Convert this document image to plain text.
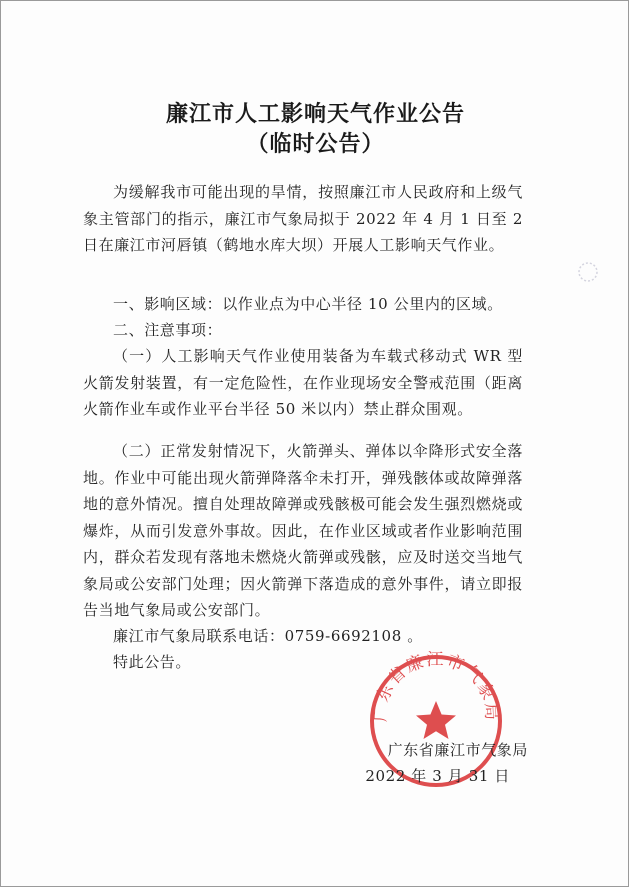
廉江市人工影响天气作业公告
（临时公告）

为缓解我市可能出现的旱情，按照廉江市人民政府和上级气象主管部门的指示，廉江市气象局拟于 2022 年 4 月 1 日至 2 日在廉江市河唇镇（鹤地水库大坝）开展人工影响天气作业。

一、影响区域：以作业点为中心半径 10 公里内的区域。

二、注意事项：

（一）人工影响天气作业使用装备为车载式移动式 WR 型火箭发射装置，有一定危险性，在作业现场安全警戒范围（距离火箭作业车或作业平台半径 50 米以内）禁止群众围观。

（二）正常发射情况下，火箭弹头、弹体以伞降形式安全落地。作业中可能出现火箭弹降落伞未打开，弹残骸体或故障弹落地的意外情况。擅自处理故障弹或残骸极可能会发生强烈燃烧或爆炸，从而引发意外事故。因此，在作业区域或者作业影响范围内，群众若发现有落地未燃烧火箭弹或残骸，应及时送交当地气象局或公安部门处理；因火箭弹下落造成的意外事件，请立即报告当地气象局或公安部门。

廉江市气象局联系电话：0759-6692108 。

特此公告。

广东省廉江市气象局
广东省廉江市气象局
2022 年 3 月 31 日
